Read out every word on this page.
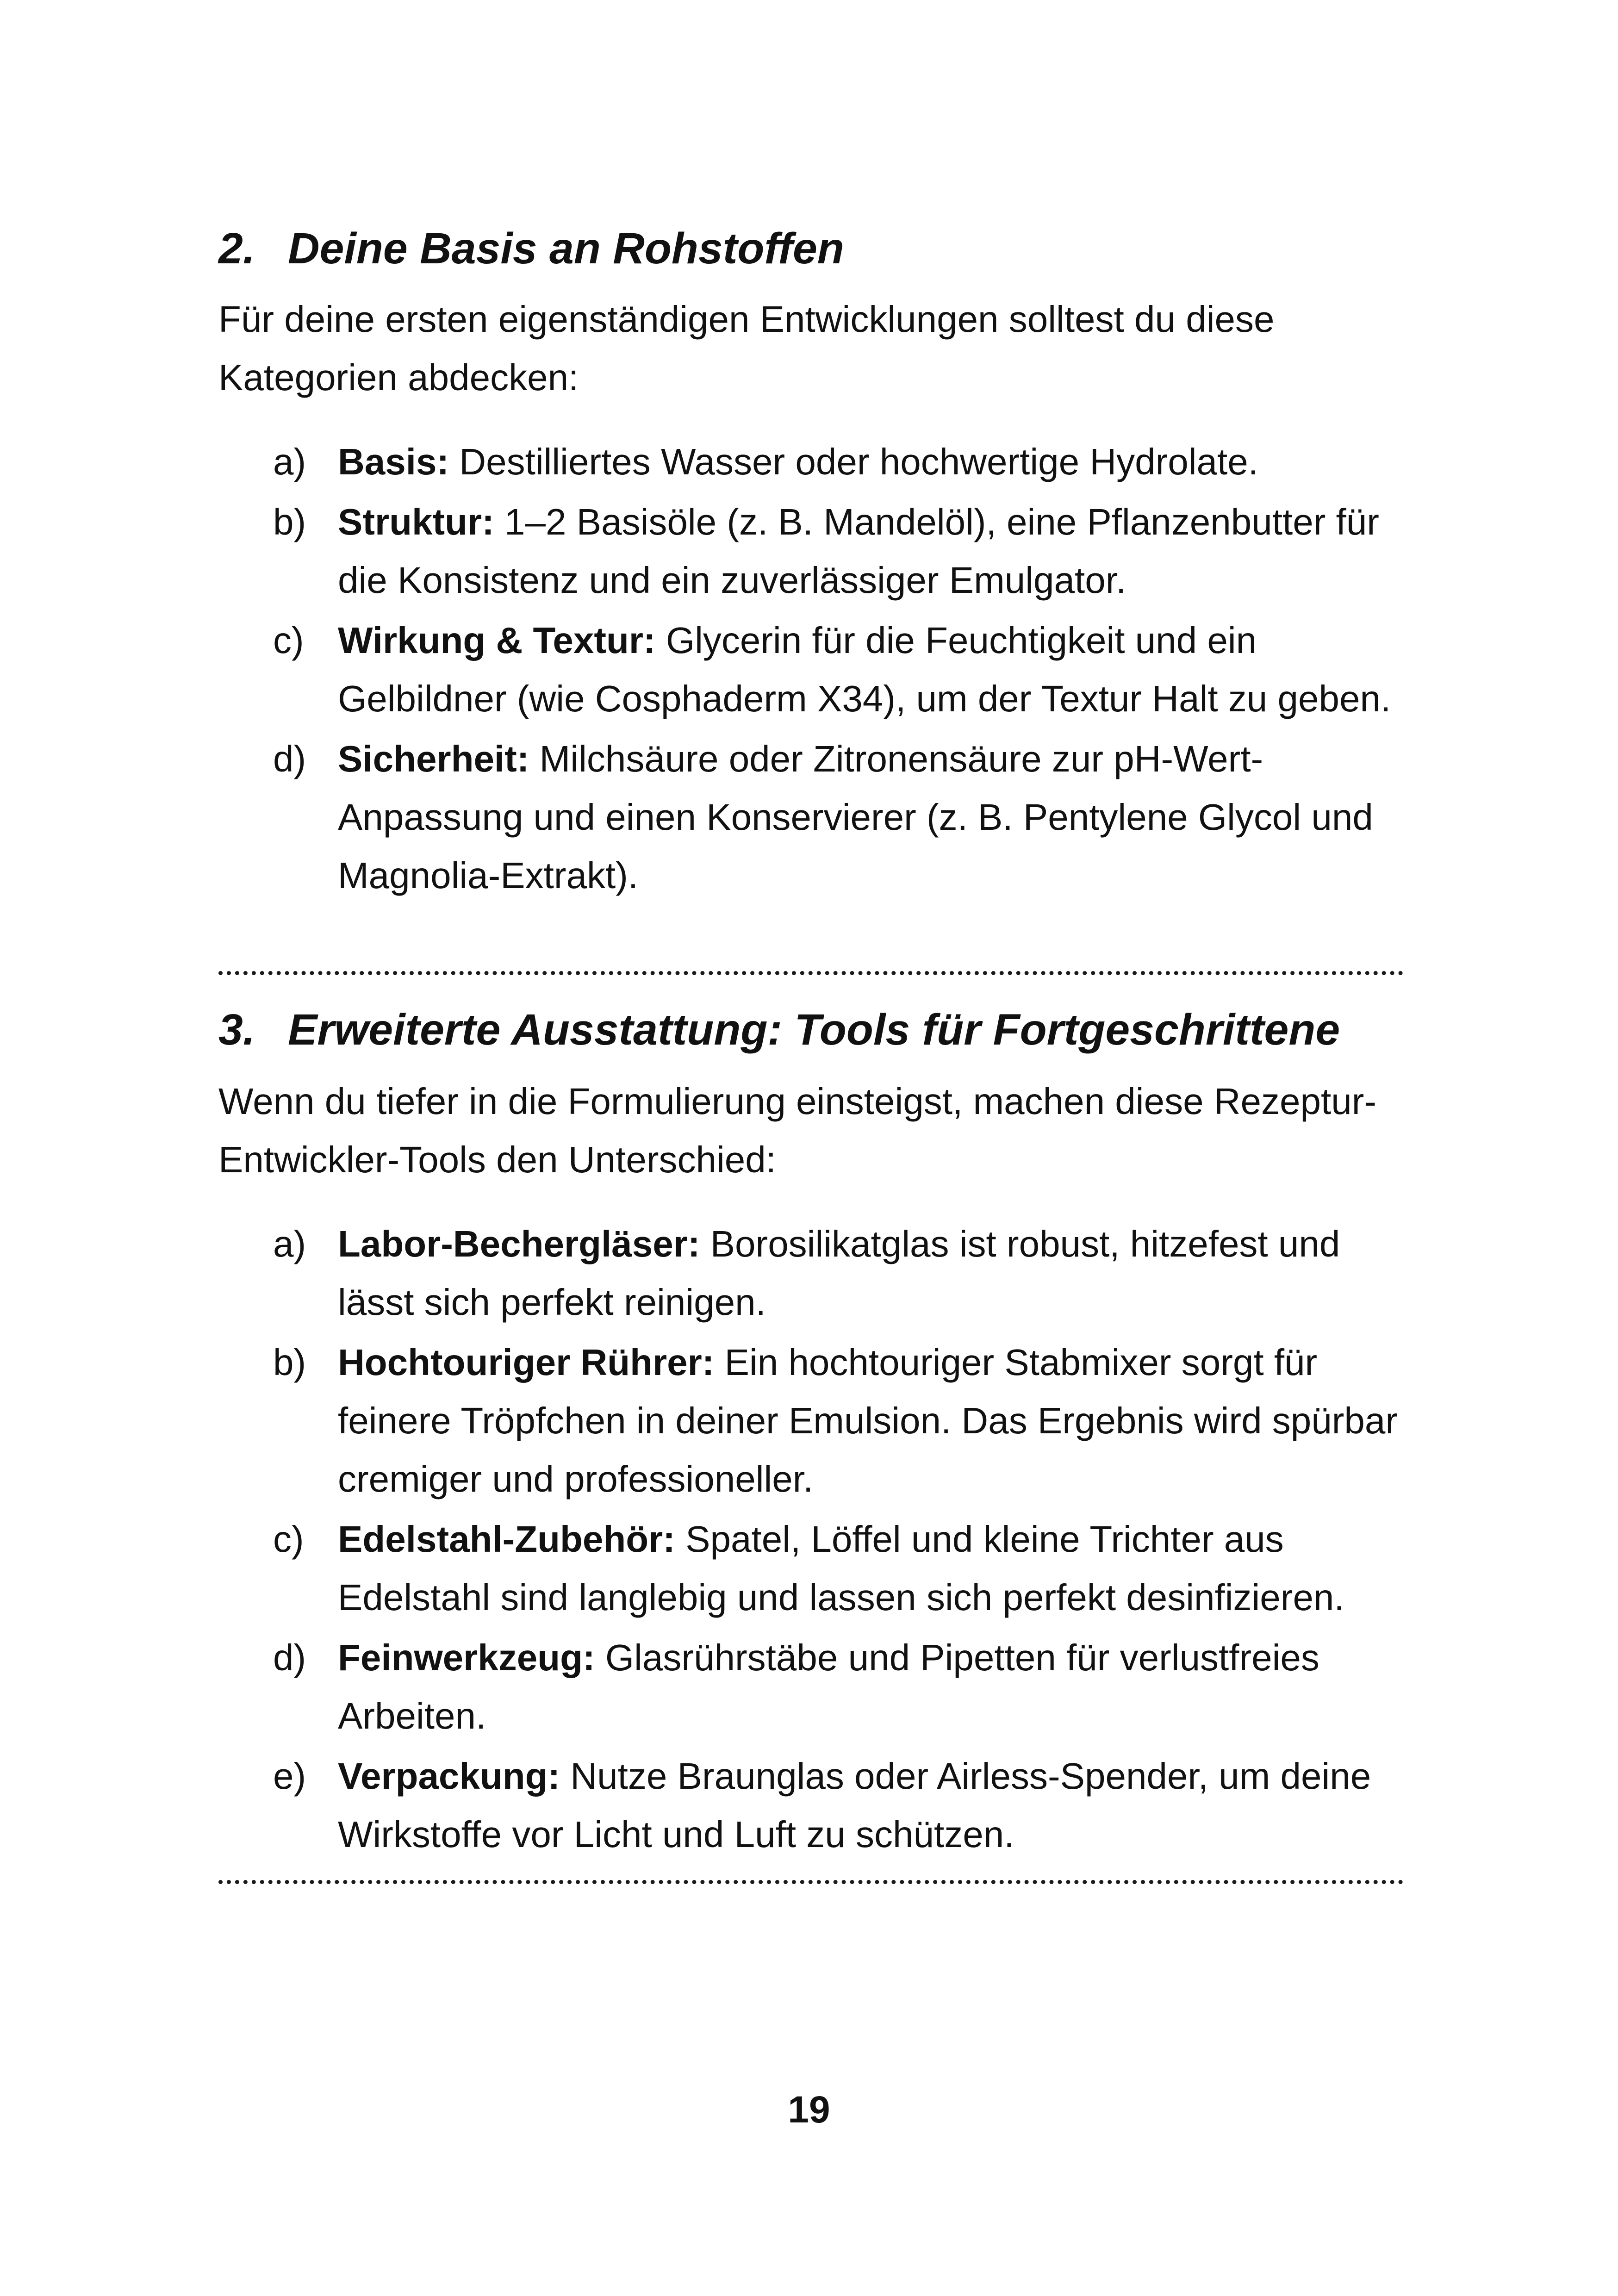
2. Deine Basis an Rohstoffen

Für deine ersten eigenständigen Entwicklungen solltest du diese Kategorien abdecken:

a) Basis: Destilliertes Wasser oder hochwertige Hydrolate.
b) Struktur: 1–2 Basisöle (z. B. Mandelöl), eine Pflanzenbutter für die Konsistenz und ein zuverlässiger Emulgator.
c) Wirkung & Textur: Glycerin für die Feuchtigkeit und ein Gelbildner (wie Cosphaderm X34), um der Textur Halt zu geben.
d) Sicherheit: Milchsäure oder Zitronensäure zur pH-Wert-Anpassung und einen Konservierer (z. B. Pentylene Glycol und Magnolia-Extrakt).
3. Erweiterte Ausstattung: Tools für Fortgeschrittene

Wenn du tiefer in die Formulierung einsteigst, machen diese Rezeptur-Entwickler-Tools den Unterschied:

a) Labor-Bechergläser: Borosilikatglas ist robust, hitzefest und lässt sich perfekt reinigen.
b) Hochtouriger Rührer: Ein hochtouriger Stabmixer sorgt für feinere Tröpfchen in deiner Emulsion. Das Ergebnis wird spürbar cremiger und professioneller.
c) Edelstahl-Zubehör: Spatel, Löffel und kleine Trichter aus Edelstahl sind langlebig und lassen sich perfekt desinfizieren.
d) Feinwerkzeug: Glasrührstäbe und Pipetten für verlustfreies Arbeiten.
e) Verpackung: Nutze Braunglas oder Airless-Spender, um deine Wirkstoffe vor Licht und Luft zu schützen.

19
